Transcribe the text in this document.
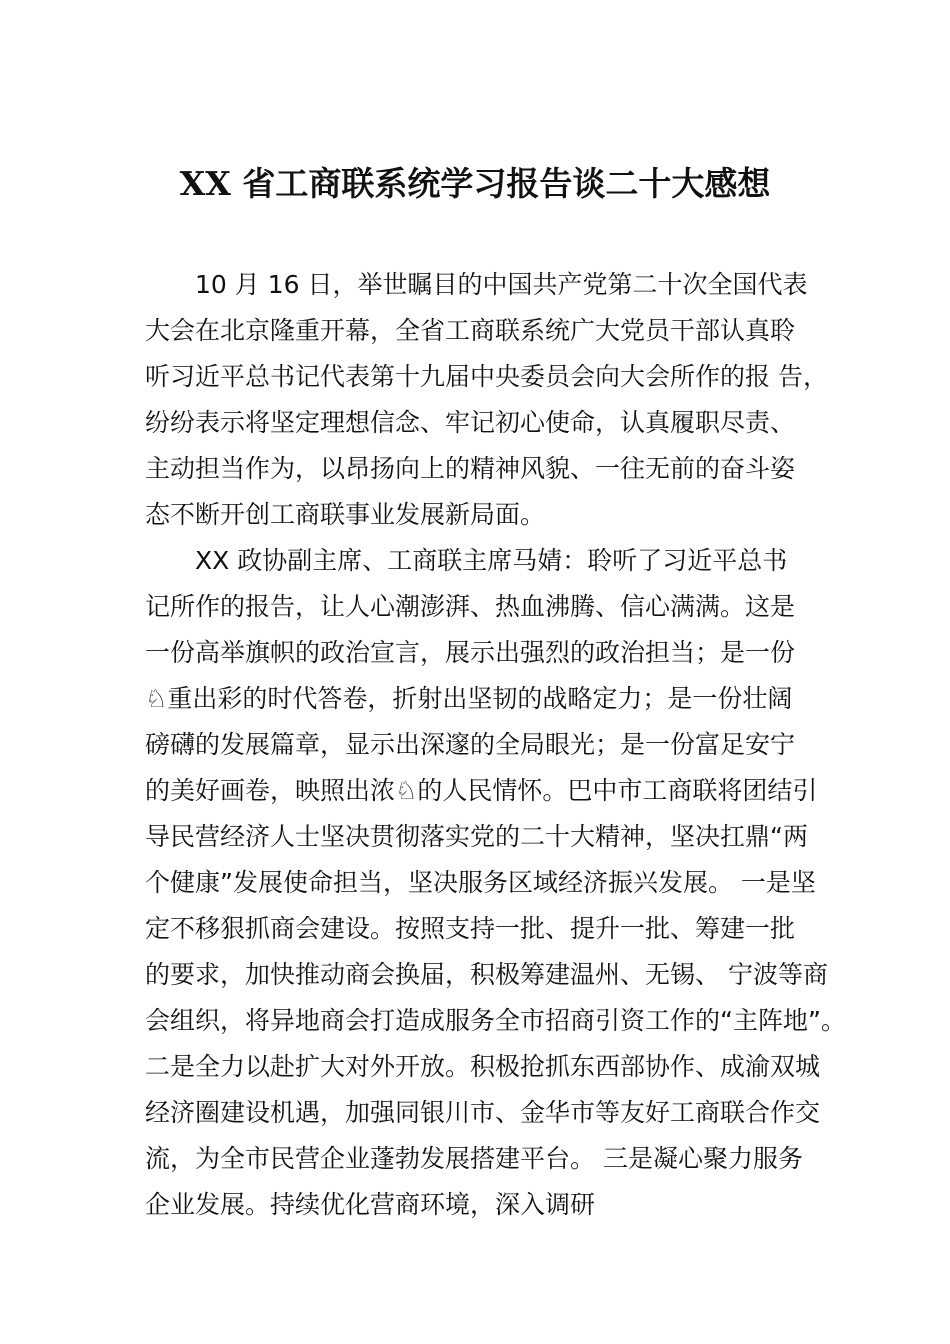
XX 省工商联系统学习报告谈二十大感想
10 月 16 日，举世瞩目的中国共产党第二十次全国代表
大会在北京隆重开幕，全省工商联系统广大党员干部认真聆
听习近平总书记代表第十九届中央委员会向大会所作的报 告，
纷纷表示将坚定理想信念、牢记初心使命，认真履职尽责、
主动担当作为，以昂扬向上的精神风貌、一往无前的奋斗姿
态不断开创工商联事业发展新局面。
XX 政协副主席、工商联主席马婧：聆听了习近平总书
记所作的报告，让人心潮澎湃、热血沸腾、信心满满。这是
一份高举旗帜的政治宣言，展示出强烈的政治担当；是一份
♘重出彩的时代答卷，折射出坚韧的战略定力；是一份壮阔
磅礴的发展篇章，显示出深邃的全局眼光；是一份富足安宁
的美好画卷，映照出浓♘的人民情怀。巴中市工商联将团结引
导民营经济人士坚决贯彻落实党的二十大精神，坚决扛鼎“两
个健康”发展使命担当，坚决服务区域经济振兴发展。 一是坚
定不移狠抓商会建设。按照支持一批、提升一批、筹建一批
的要求，加快推动商会换届，积极筹建温州、无锡、 宁波等商
会组织，将异地商会打造成服务全市招商引资工作的“主阵地”。
二是全力以赴扩大对外开放。积极抢抓东西部协作、成渝双城
经济圈建设机遇，加强同银川市、金华市等友好工商联合作交
流，为全市民营企业蓬勃发展搭建平台。 三是凝心聚力服务
企业发展。持续优化营商环境，深入调研
